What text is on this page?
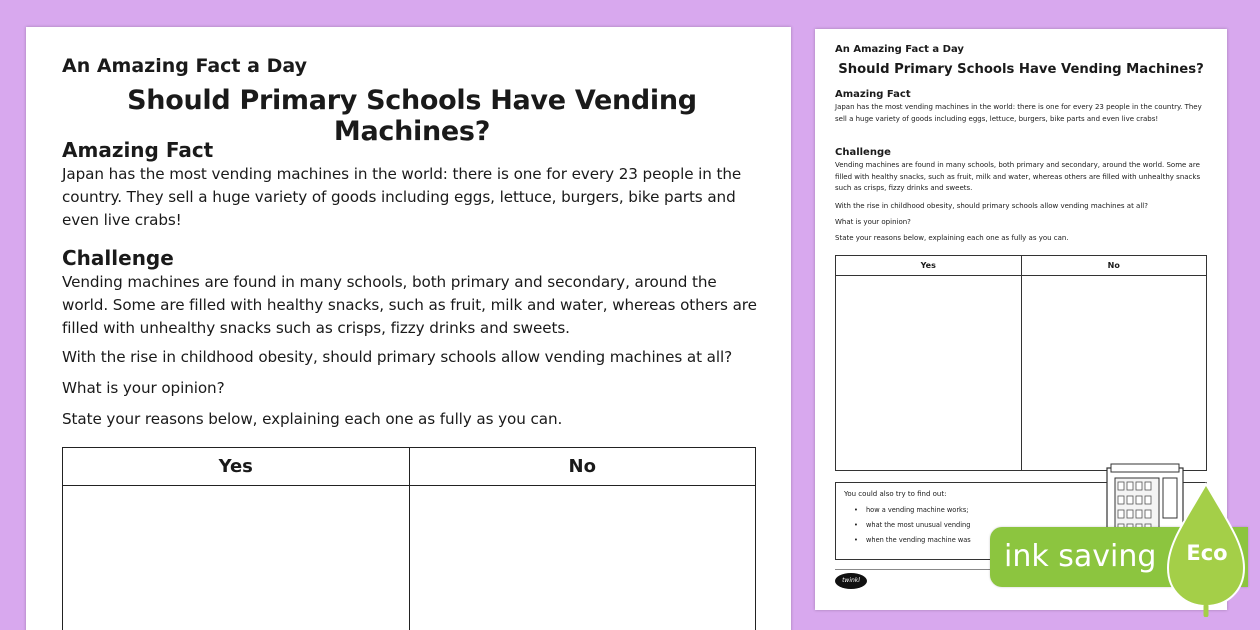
An Amazing Fact a Day
Should Primary Schools Have Vending Machines?
Amazing Fact
Japan has the most vending machines in the world: there is one for every 23 people in the country. They sell a huge variety of goods including eggs, lettuce, burgers, bike parts and even live crabs!
Challenge
Vending machines are found in many schools, both primary and secondary, around the world. Some are filled with healthy snacks, such as fruit, milk and water, whereas others are filled with unhealthy snacks such as crisps, fizzy drinks and sweets.
With the rise in childhood obesity, should primary schools allow vending machines at all?
What is your opinion?
State your reasons below, explaining each one as fully as you can.
Yes	No
An Amazing Fact a Day
Should Primary Schools Have Vending Machines?
Amazing Fact
Japan has the most vending machines in the world: there is one for every 23 people in the country. They sell a huge variety of goods including eggs, lettuce, burgers, bike parts and even live crabs!
Challenge
Vending machines are found in many schools, both primary and secondary, around the world. Some are filled with healthy snacks, such as fruit, milk and water, whereas others are filled with unhealthy snacks such as crisps, fizzy drinks and sweets.
With the rise in childhood obesity, should primary schools allow vending machines at all?
What is your opinion?
State your reasons below, explaining each one as fully as you can.
Yes	No
You could also try to find out:
• how a vending machine works;
• what the most unusual vending
• when the vending machine was
twinkl
ink saving Eco
